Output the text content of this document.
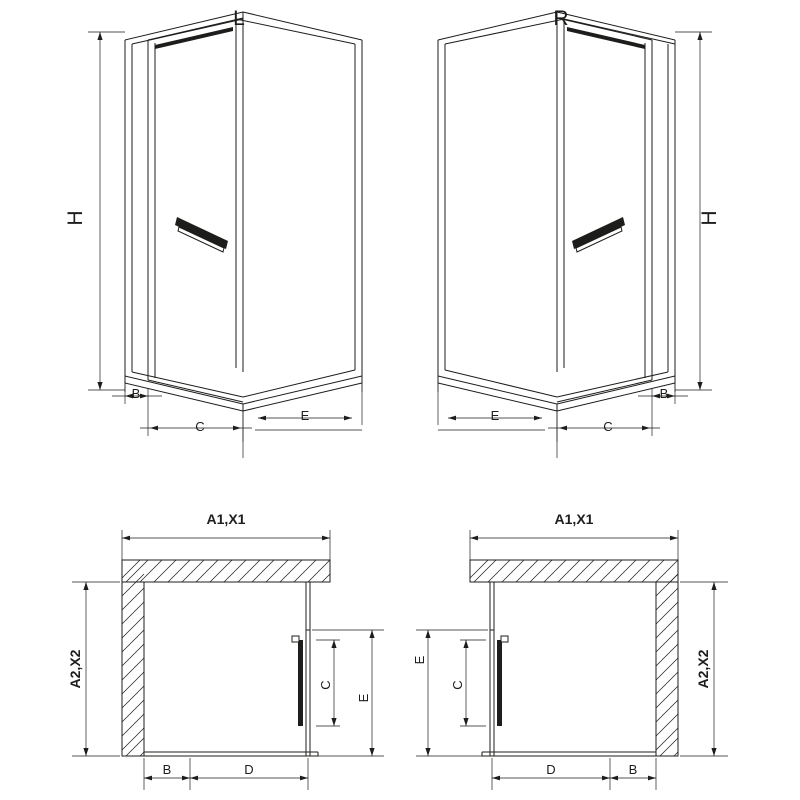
B
C
E
H
L
B
C
E
H
R
A1,X1
E
C
A2,X2
B	D
A1,X1
E
C	A2,X2
D	B
